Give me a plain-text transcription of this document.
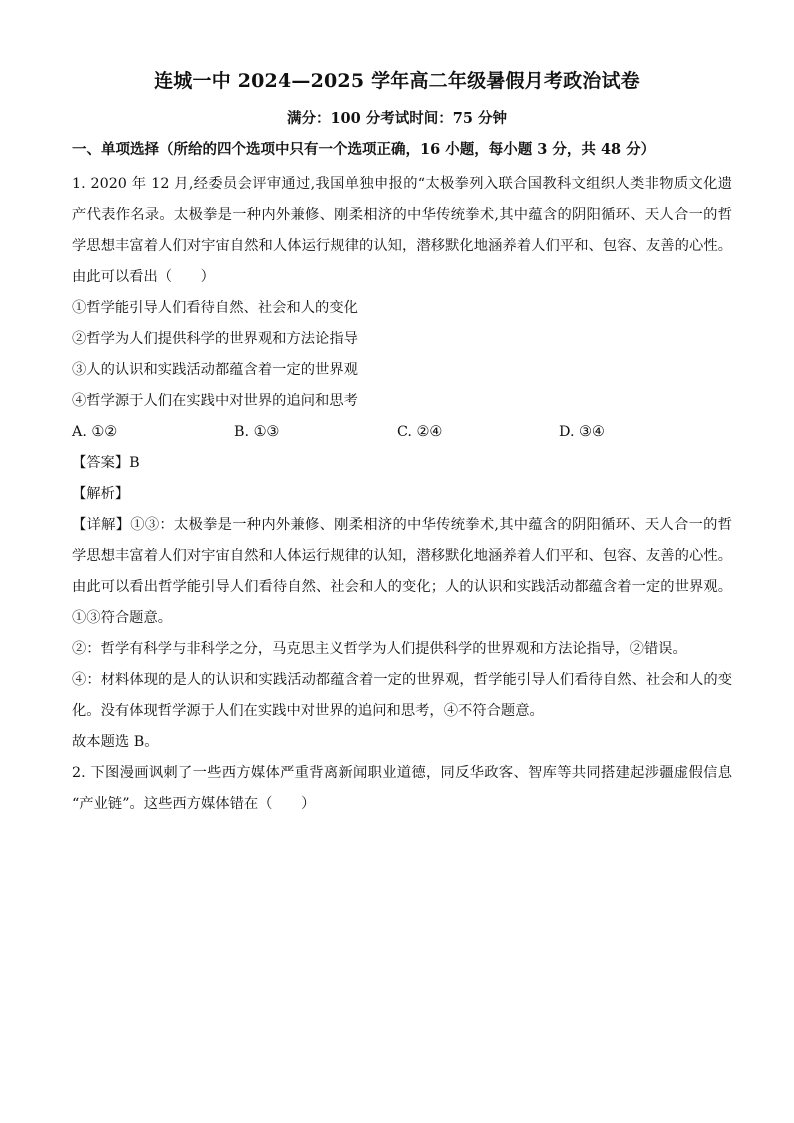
连城一中 2024—2025 学年高二年级暑假月考政治试卷
满分：100 分考试时间：75 分钟
一、单项选择（所给的四个选项中只有一个选项正确，16 小题，每小题 3 分，共 48 分）

1. 2020 年 12 月,经委员会评审通过,我国单独申报的“太极拳列入联合国教科文组织人类非物质文化遗产代表作名录。太极拳是一种内外兼修、刚柔相济的中华传统拳术,其中蕴含的阴阳循环、天人合一的哲学思想丰富着人们对宇宙自然和人体运行规律的认知，潜移默化地涵养着人们平和、包容、友善的心性。由此可以看出（　　）

①哲学能引导人们看待自然、社会和人的变化

②哲学为人们提供科学的世界观和方法论指导

③人的认识和实践活动都蕴含着一定的世界观

④哲学源于人们在实践中对世界的追问和思考

A. ①②	B. ①③	C. ②④	D. ③④

【答案】B

【解析】

【详解】①③：太极拳是一种内外兼修、刚柔相济的中华传统拳术,其中蕴含的阴阳循环、天人合一的哲学思想丰富着人们对宇宙自然和人体运行规律的认知，潜移默化地涵养着人们平和、包容、友善的心性。由此可以看出哲学能引导人们看待自然、社会和人的变化；人的认识和实践活动都蕴含着一定的世界观。①③符合题意。

②：哲学有科学与非科学之分，马克思主义哲学为人们提供科学的世界观和方法论指导，②错误。

④：材料体现的是人的认识和实践活动都蕴含着一定的世界观，哲学能引导人们看待自然、社会和人的变化。没有体现哲学源于人们在实践中对世界的追问和思考，④不符合题意。

故本题选 B。

2. 下图漫画讽刺了一些西方媒体严重背离新闻职业道德，同反华政客、智库等共同搭建起涉疆虚假信息 “产业链”。这些西方媒体错在（　　）
